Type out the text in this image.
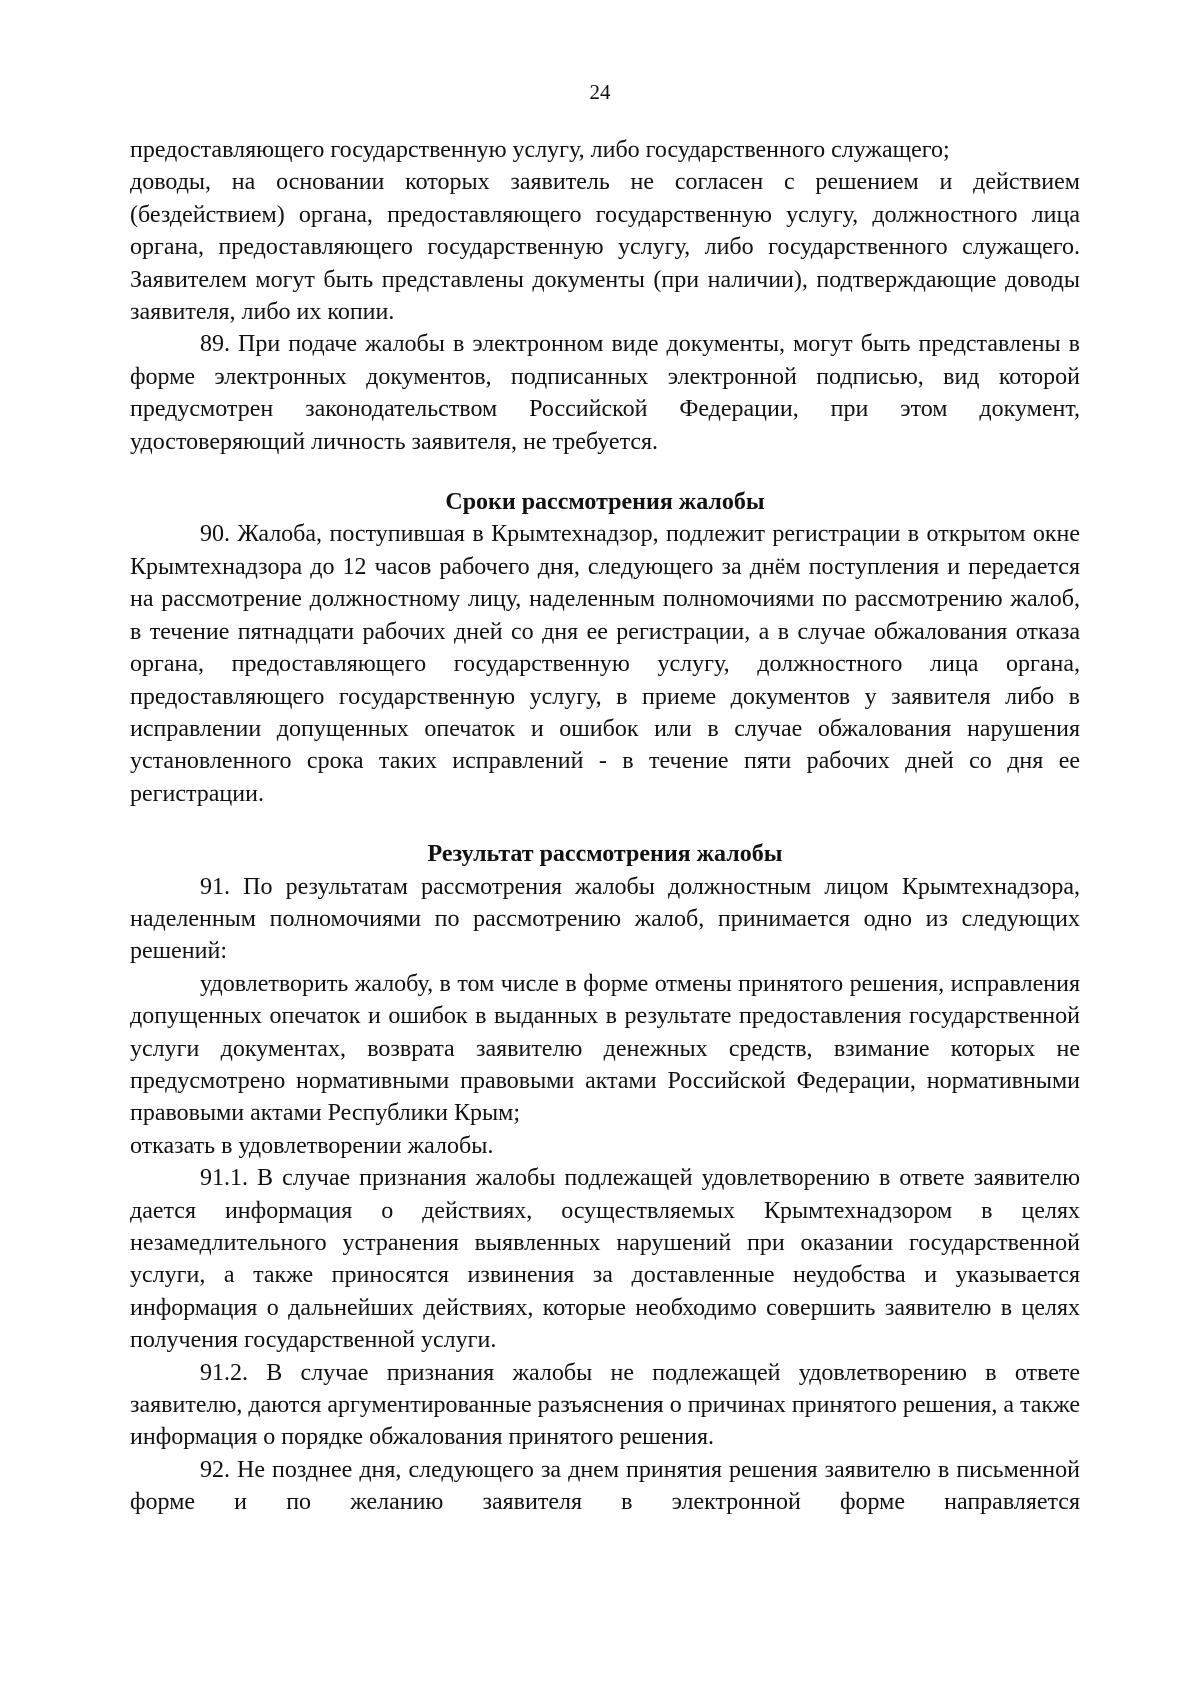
24

предоставляющего государственную услугу, либо государственного служащего;

доводы, на основании которых заявитель не согласен с решением и действием (бездействием) органа, предоставляющего государственную услугу, должностного лица органа, предоставляющего государственную услугу, либо государственного служащего. Заявителем могут быть представлены документы (при наличии), подтверждающие доводы заявителя, либо их копии.

89. При подаче жалобы в электронном виде документы, могут быть представлены в форме электронных документов, подписанных электронной подписью, вид которой предусмотрен законодательством Российской Федерации, при этом документ, удостоверяющий личность заявителя, не требуется.

Сроки рассмотрения жалобы

90. Жалоба, поступившая в Крымтехнадзор, подлежит регистрации в открытом окне Крымтехнадзора до 12 часов рабочего дня, следующего за днём поступления и передается на рассмотрение должностному лицу, наделенным полномочиями по рассмотрению жалоб, в течение пятнадцати рабочих дней со дня ее регистрации, а в случае обжалования отказа органа, предоставляющего государственную услугу, должностного лица органа, предоставляющего государственную услугу, в приеме документов у заявителя либо в исправлении допущенных опечаток и ошибок или в случае обжалования нарушения установленного срока таких исправлений - в течение пяти рабочих дней со дня ее регистрации.

Результат рассмотрения жалобы

91. По результатам рассмотрения жалобы должностным лицом Крымтехнадзора, наделенным полномочиями по рассмотрению жалоб, принимается одно из следующих решений:

удовлетворить жалобу, в том числе в форме отмены принятого решения, исправления допущенных опечаток и ошибок в выданных в результате предоставления государственной услуги документах, возврата заявителю денежных средств, взимание которых не предусмотрено нормативными правовыми актами Российской Федерации, нормативными правовыми актами Республики Крым;

отказать в удовлетворении жалобы.

91.1. В случае признания жалобы подлежащей удовлетворению в ответе заявителю дается информация о действиях, осуществляемых Крымтехнадзором в целях незамедлительного устранения выявленных нарушений при оказании государственной услуги, а также приносятся извинения за доставленные неудобства и указывается информация о дальнейших действиях, которые необходимо совершить заявителю в целях получения государственной услуги.

91.2. В случае признания жалобы не подлежащей удовлетворению в ответе заявителю, даются аргументированные разъяснения о причинах принятого решения, а также информация о порядке обжалования принятого решения.

92. Не позднее дня, следующего за днем принятия решения заявителю в письменной форме и по желанию заявителя в электронной форме направляется
